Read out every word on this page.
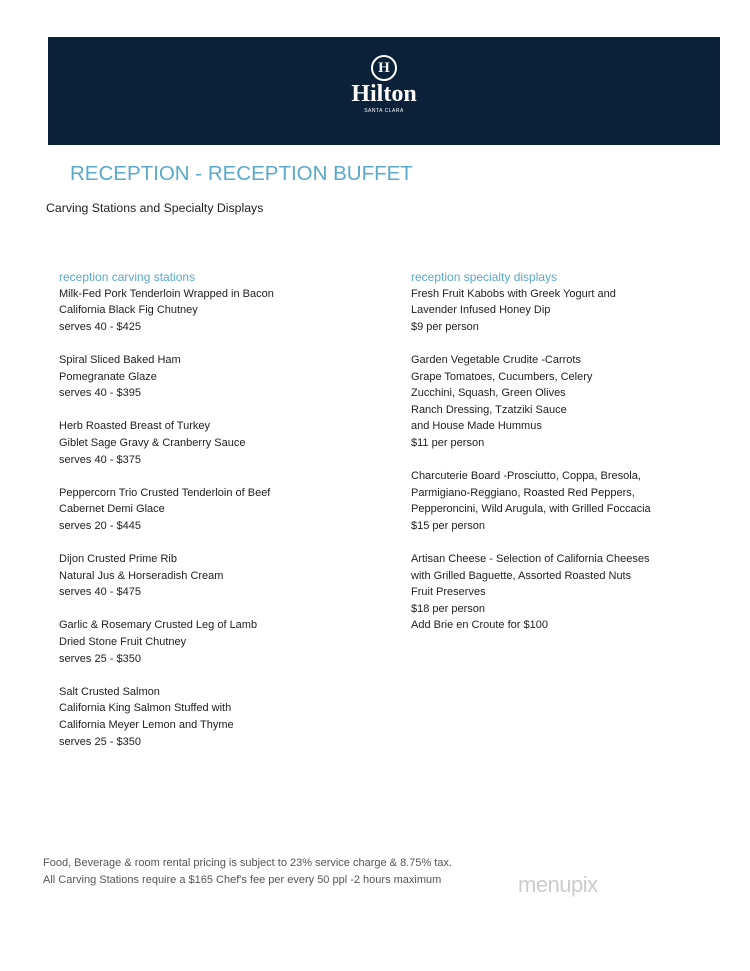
H
Hilton
SANTA CLARA
RECEPTION - RECEPTION BUFFET
Carving Stations and Specialty Displays
reception carving stations
Milk-Fed Pork Tenderloin Wrapped in Bacon
California Black Fig Chutney
serves 40 - $425
Spiral Sliced Baked Ham
Pomegranate Glaze
serves 40 - $395
Herb Roasted Breast of Turkey
Giblet Sage Gravy & Cranberry Sauce
serves 40 - $375
Peppercorn Trio Crusted Tenderloin of Beef
Cabernet Demi Glace
serves 20 - $445
Dijon Crusted Prime Rib
Natural Jus & Horseradish Cream
serves 40 - $475
Garlic & Rosemary Crusted Leg of Lamb
Dried Stone Fruit Chutney
serves 25 - $350
Salt Crusted Salmon
California King Salmon Stuffed with
California Meyer Lemon and Thyme
serves 25 - $350
reception specialty displays
Fresh Fruit Kabobs with Greek Yogurt and
Lavender Infused Honey Dip
$9 per person
Garden Vegetable Crudite -Carrots
Grape Tomatoes, Cucumbers, Celery
Zucchini, Squash, Green Olives
Ranch Dressing, Tzatziki Sauce
and House Made Hummus
$11 per person
Charcuterie Board -Prosciutto, Coppa, Bresola,
Parmigiano-Reggiano, Roasted Red Peppers,
Pepperoncini, Wild Arugula, with Grilled Foccacia
$15 per person
Artisan Cheese - Selection of California Cheeses
with Grilled Baguette, Assorted Roasted Nuts
Fruit Preserves
$18 per person
Add Brie en Croute for $100
Food, Beverage & room rental pricing is subject to 23% service charge & 8.75% tax.
All Carving Stations require a $165 Chef's fee per every 50 ppl -2 hours maximum	menupix
